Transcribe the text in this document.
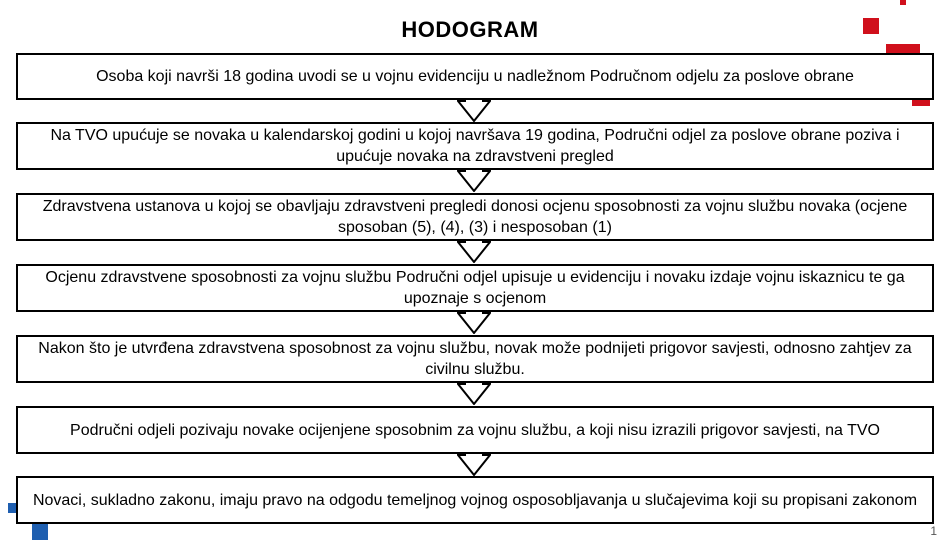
HODOGRAM
Osoba koji navrši 18 godina uvodi se u vojnu evidenciju u nadležnom Područnom odjelu za poslove obrane
Na TVO upućuje se novaka u kalendarskoj godini u kojoj navršava 19 godina, Područni odjel za poslove obrane poziva i upućuje novaka na zdravstveni pregled
Zdravstvena ustanova u kojoj se obavljaju zdravstveni pregledi donosi ocjenu sposobnosti za vojnu službu novaka (ocjene sposoban (5), (4), (3) i nesposoban (1)
Ocjenu zdravstvene sposobnosti za vojnu službu Područni odjel upisuje u evidenciju i novaku izdaje vojnu iskaznicu te ga upoznaje s ocjenom
Nakon što je utvrđena zdravstvena sposobnost za vojnu službu, novak može podnijeti prigovor savjesti, odnosno zahtjev za civilnu službu.
Područni odjeli pozivaju novake ocijenjene sposobnim za vojnu službu, a koji nisu izrazili prigovor savjesti, na TVO
Novaci, sukladno zakonu, imaju pravo na odgodu temeljnog vojnog osposobljavanja u slučajevima koji su propisani zakonom
1
